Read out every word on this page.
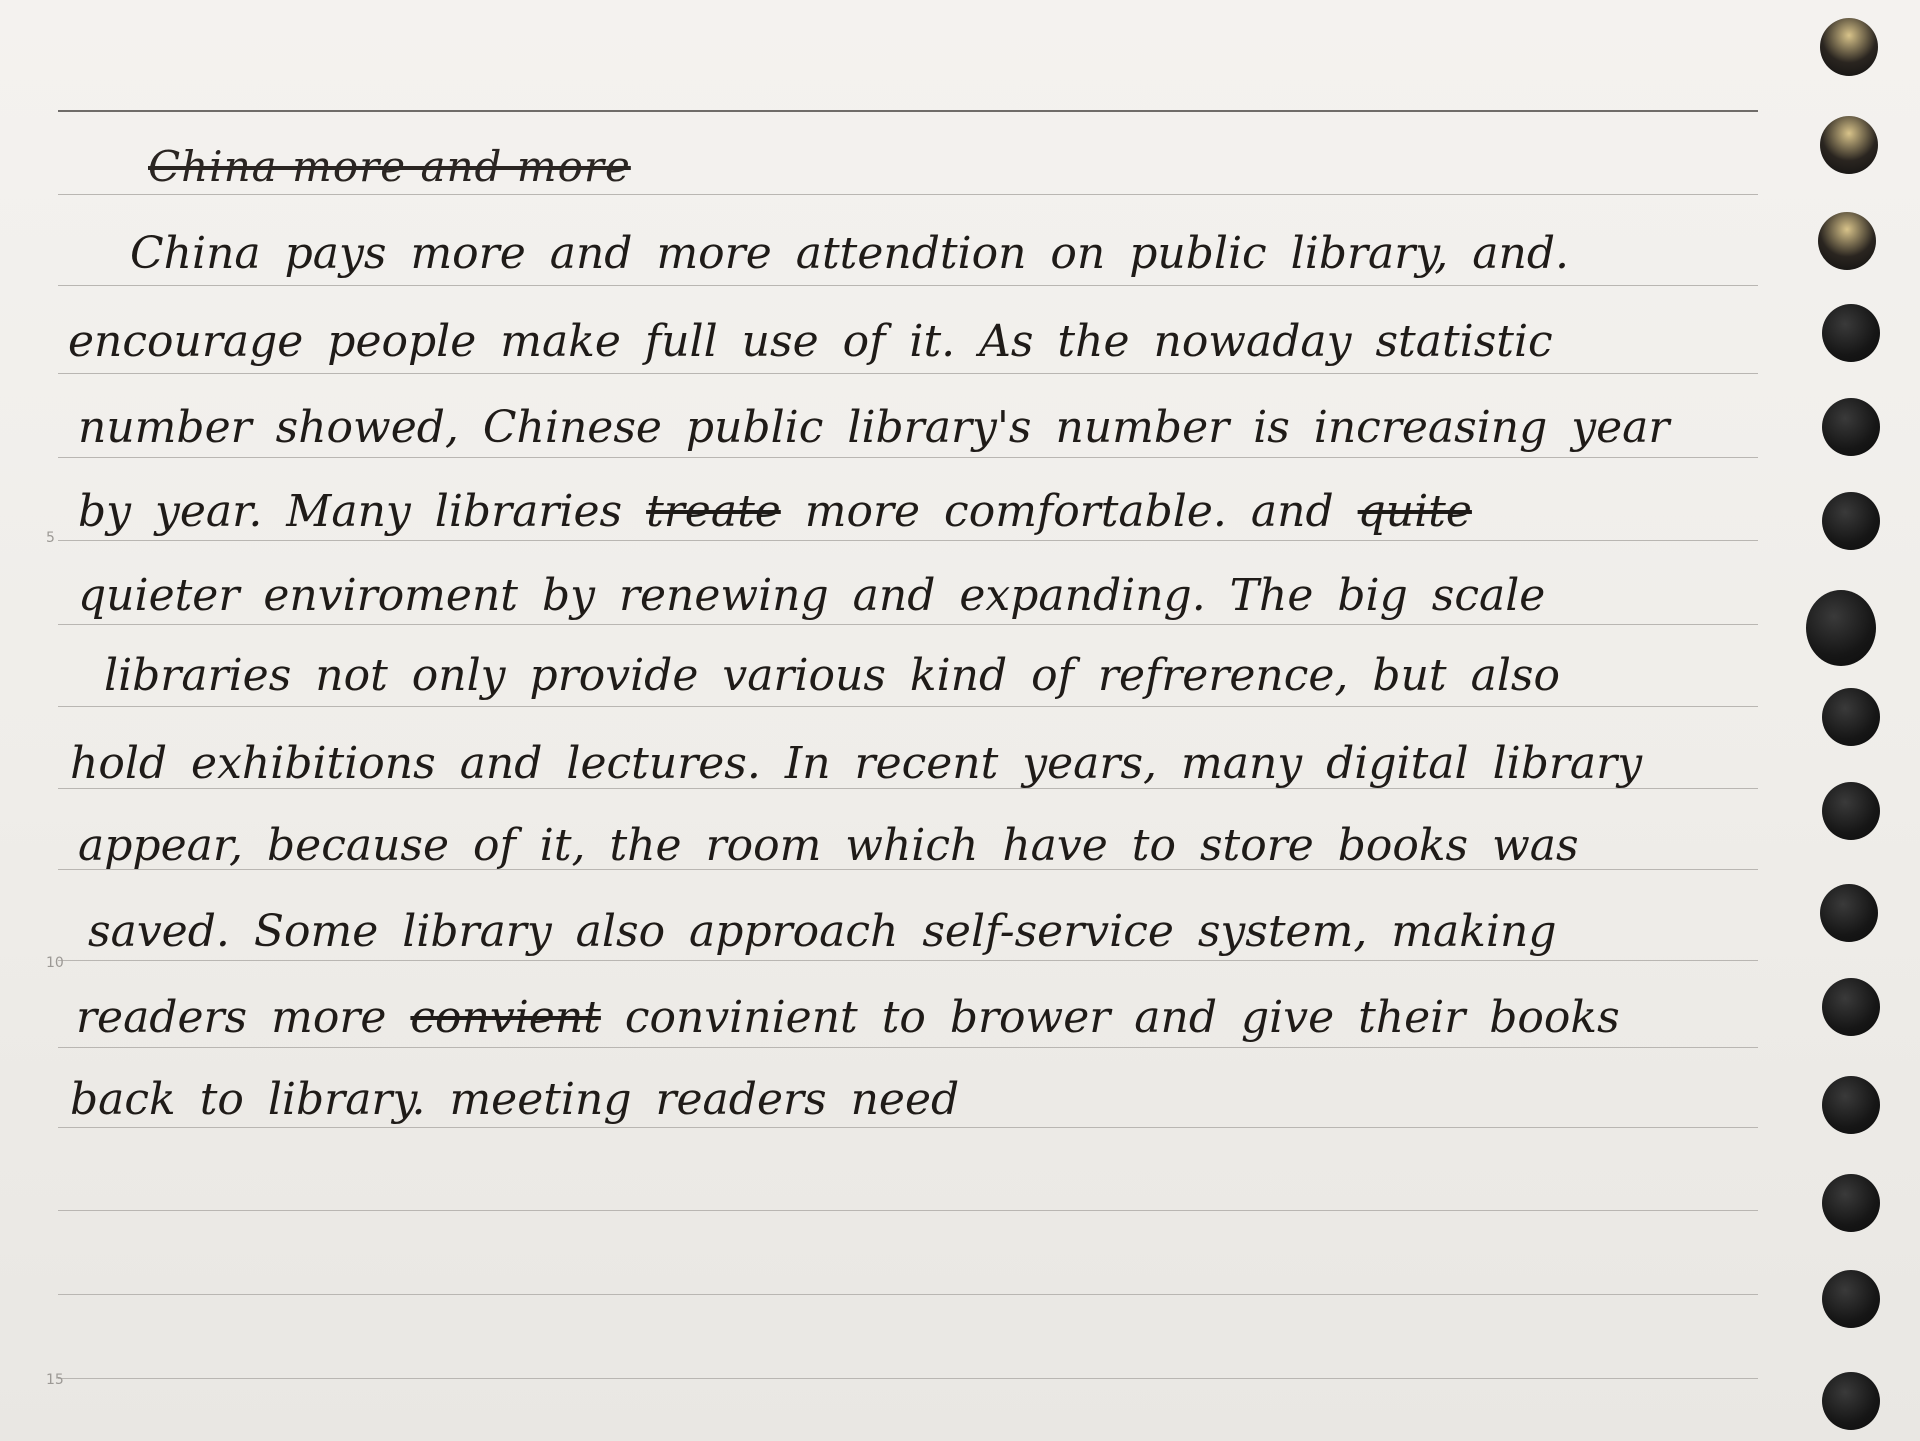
5
10
15
China more and more
China pays more and more attendtion on public library, and.
encourage people make full use of it. As the nowaday statistic
number showed, Chinese public library's number is increasing year
by year. Many libraries treate more comfortable. and quite
quieter enviroment by renewing and expanding. The big scale
libraries not only provide various kind of refrerence, but also
hold exhibitions and lectures. In recent years, many digital library
appear, because of it, the room which have to store books was
saved. Some library also approach self-service system, making
readers more convient convinient to brower and give their books
back to library. meeting readers need
